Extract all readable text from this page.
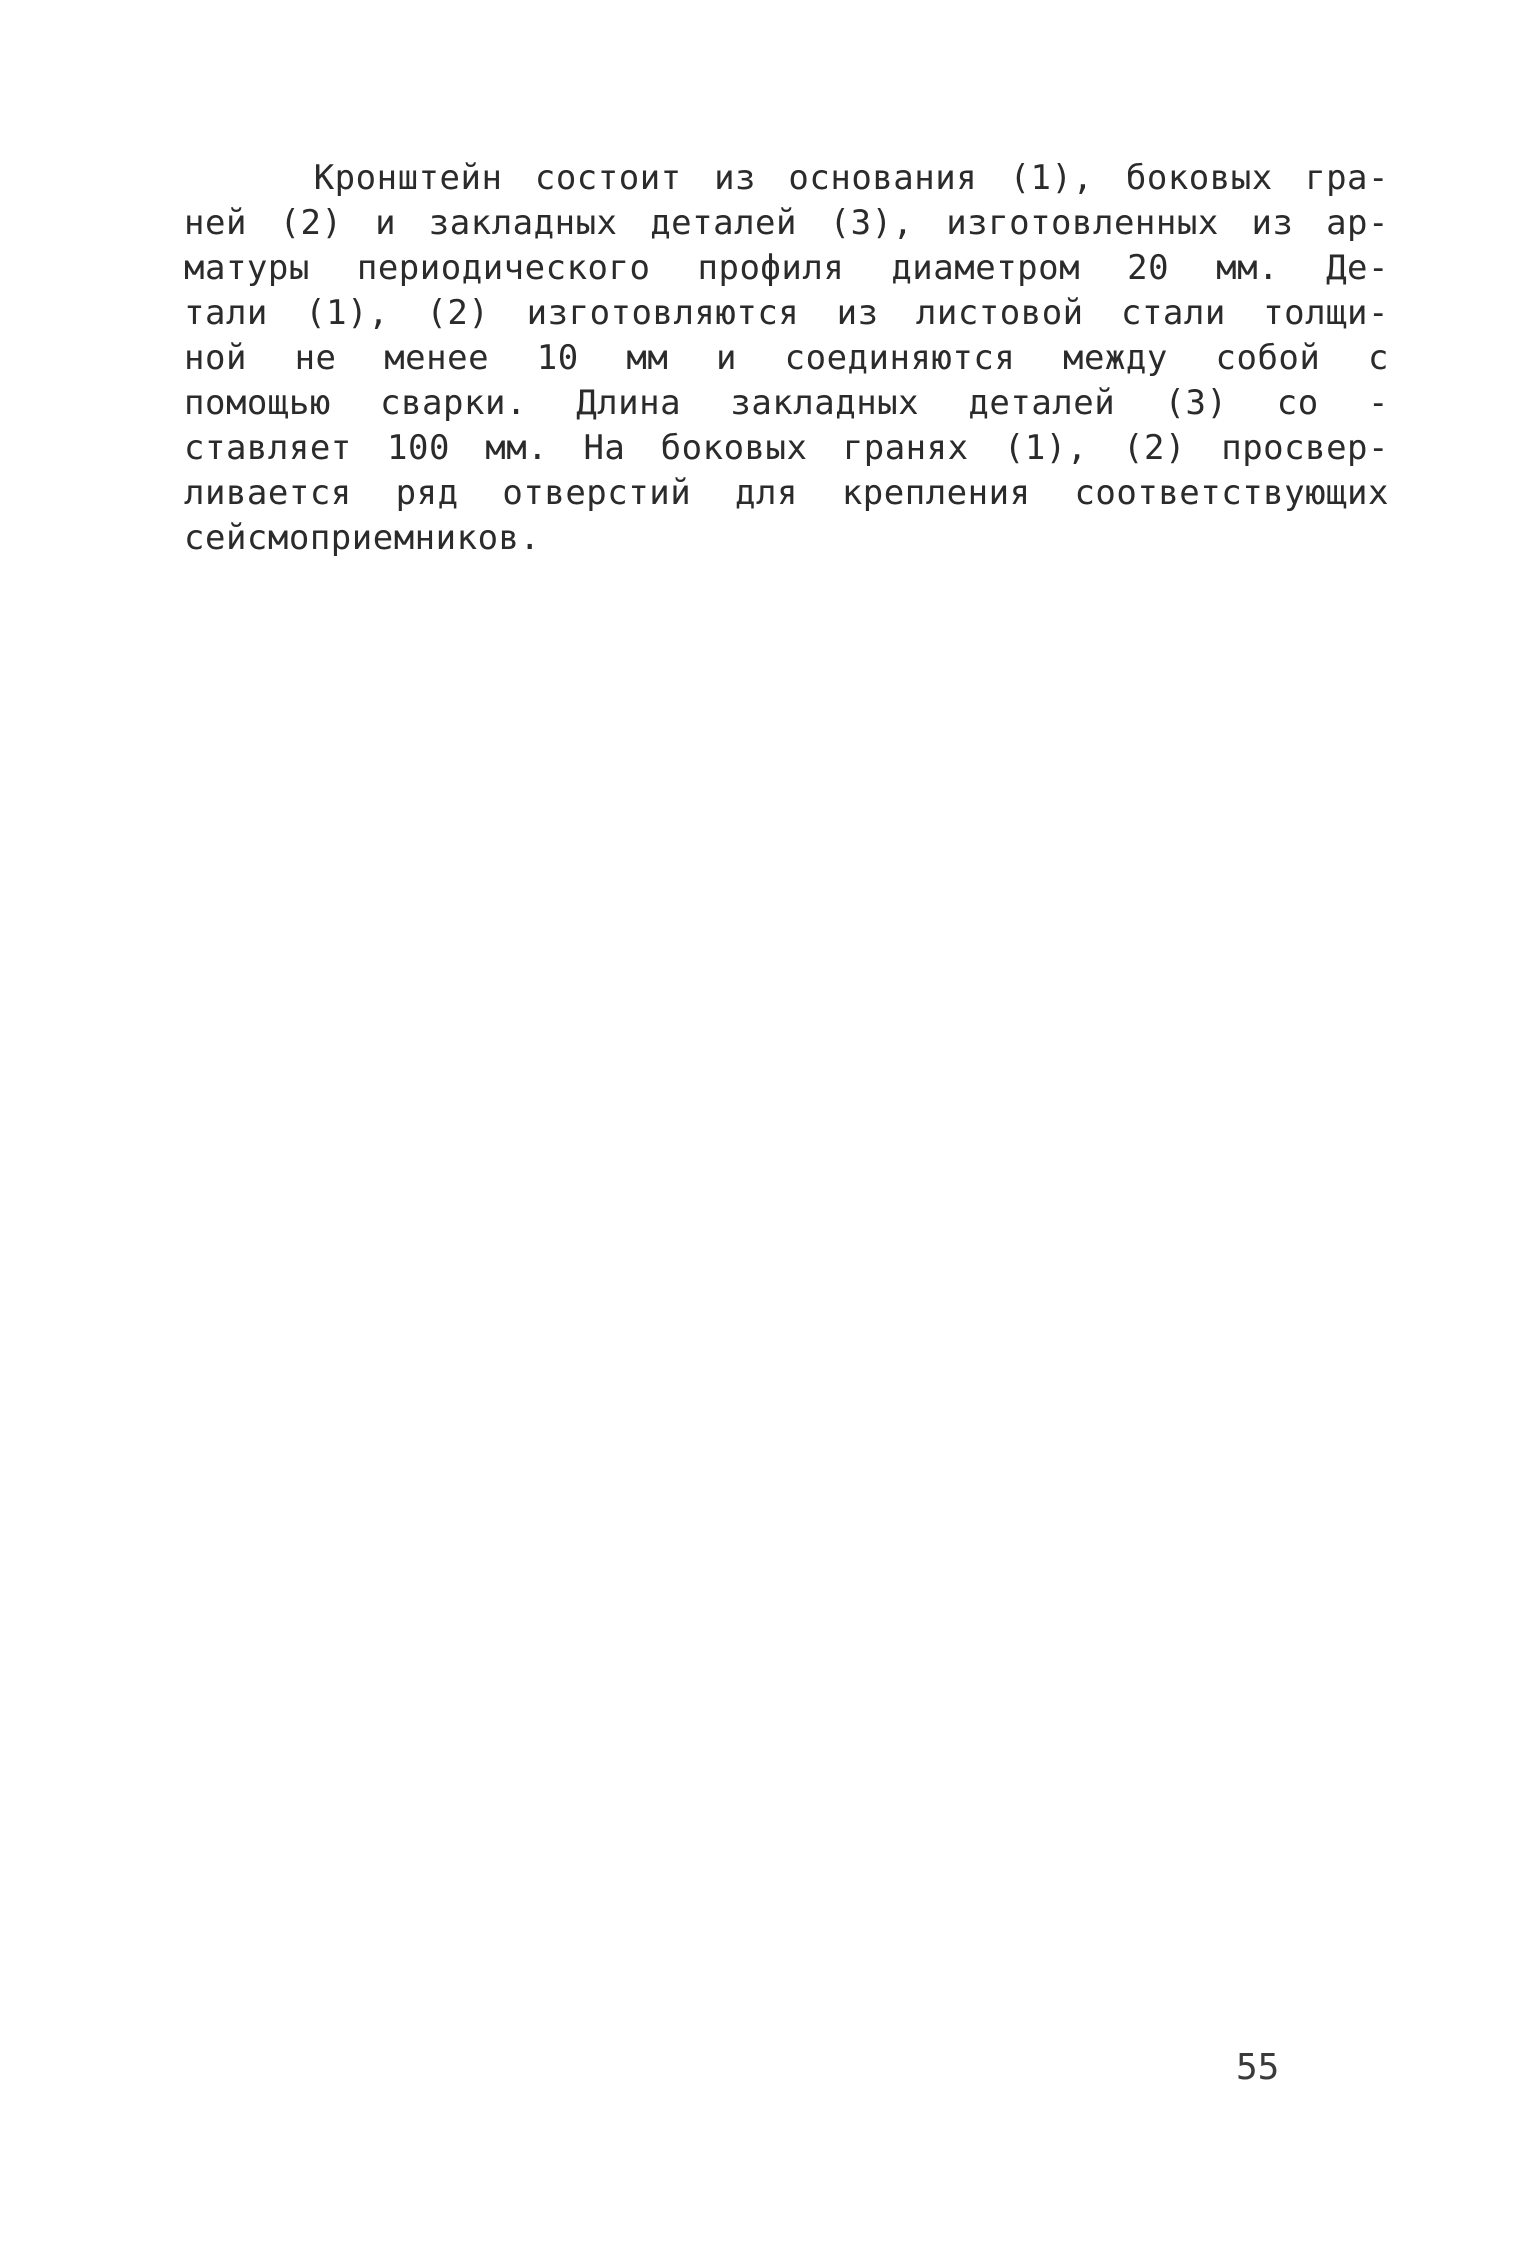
Кронштейн состоит из основания (1), боковых гра-
ней (2) и закладных деталей (3), изготовленных из ар-
матуры периодического профиля диаметром 20 мм. Де-
тали (1), (2) изготовляются из листовой стали толщи-
ной не менее 10 мм и соединяются между собой с
помощью сварки. Длина закладных деталей (3) со -
ставляет 100 мм. На боковых гранях (1), (2) просвер-
ливается ряд отверстий для крепления соответствующих
сейсмоприемников.
55
